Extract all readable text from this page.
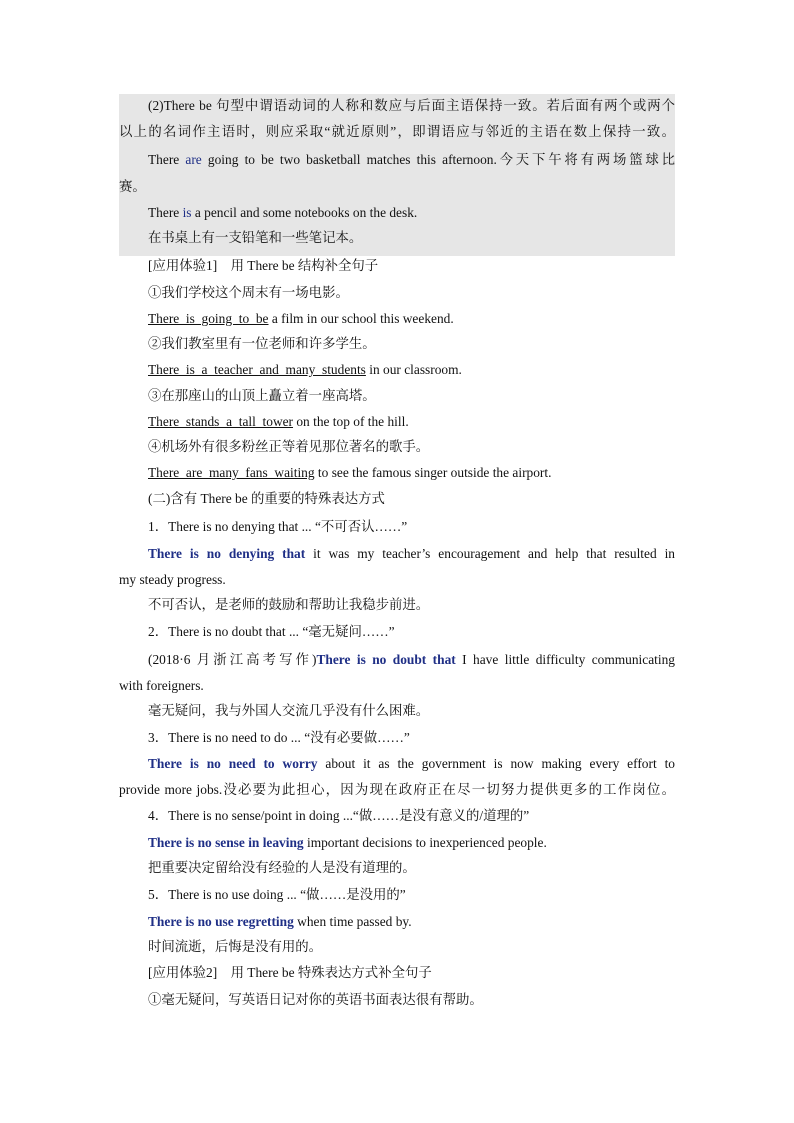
(2)There be 句型中谓语动词的人称和数应与后面主语保持一致。若后面有两个或两个
以上的名词作主语时，则应采取“就近原则”，即谓语应与邻近的主语在数上保持一致。
There are going to be two basketball matches this afternoon.今天下午将有两场篮球比
赛。
There is a pencil and some notebooks on the desk.
在书桌上有一支铅笔和一些笔记本。
[应用体验1]　用 There be 结构补全句子
①我们学校这个周末有一场电影。
There  is  going  to  be a film in our school this weekend.
②我们教室里有一位老师和许多学生。
There  is  a  teacher  and  many  students in our classroom.
③在那座山的山顶上矗立着一座高塔。
There  stands  a  tall  tower on the top of the hill.
④机场外有很多粉丝正等着见那位著名的歌手。
There  are  many  fans  waiting to see the famous singer outside the airport.
(二)含有 There be 的重要的特殊表达方式
1．There is no denying that ... “不可否认……”
There is no denying that it was my teacher’s encouragement and help that resulted in
my steady progress.
不可否认，是老师的鼓励和帮助让我稳步前进。
2．There is no doubt that ... “毫无疑问……”
(2018·6 月浙江高考写作)There is no doubt that I have little difficulty communicating
with foreigners.
毫无疑问，我与外国人交流几乎没有什么困难。
3．There is no need to do ... “没有必要做……”
There is no need to worry about it as the government is now making every effort to
provide more jobs.没必要为此担心，因为现在政府正在尽一切努力提供更多的工作岗位。
4．There is no sense/point in doing ...“做……是没有意义的/道理的”
There is no sense in leaving important decisions to inexperienced people.
把重要决定留给没有经验的人是没有道理的。
5．There is no use doing ... “做……是没用的”
There is no use regretting when time passed by.
时间流逝，后悔是没有用的。
[应用体验2]　用 There be 特殊表达方式补全句子
①毫无疑问，写英语日记对你的英语书面表达很有帮助。
